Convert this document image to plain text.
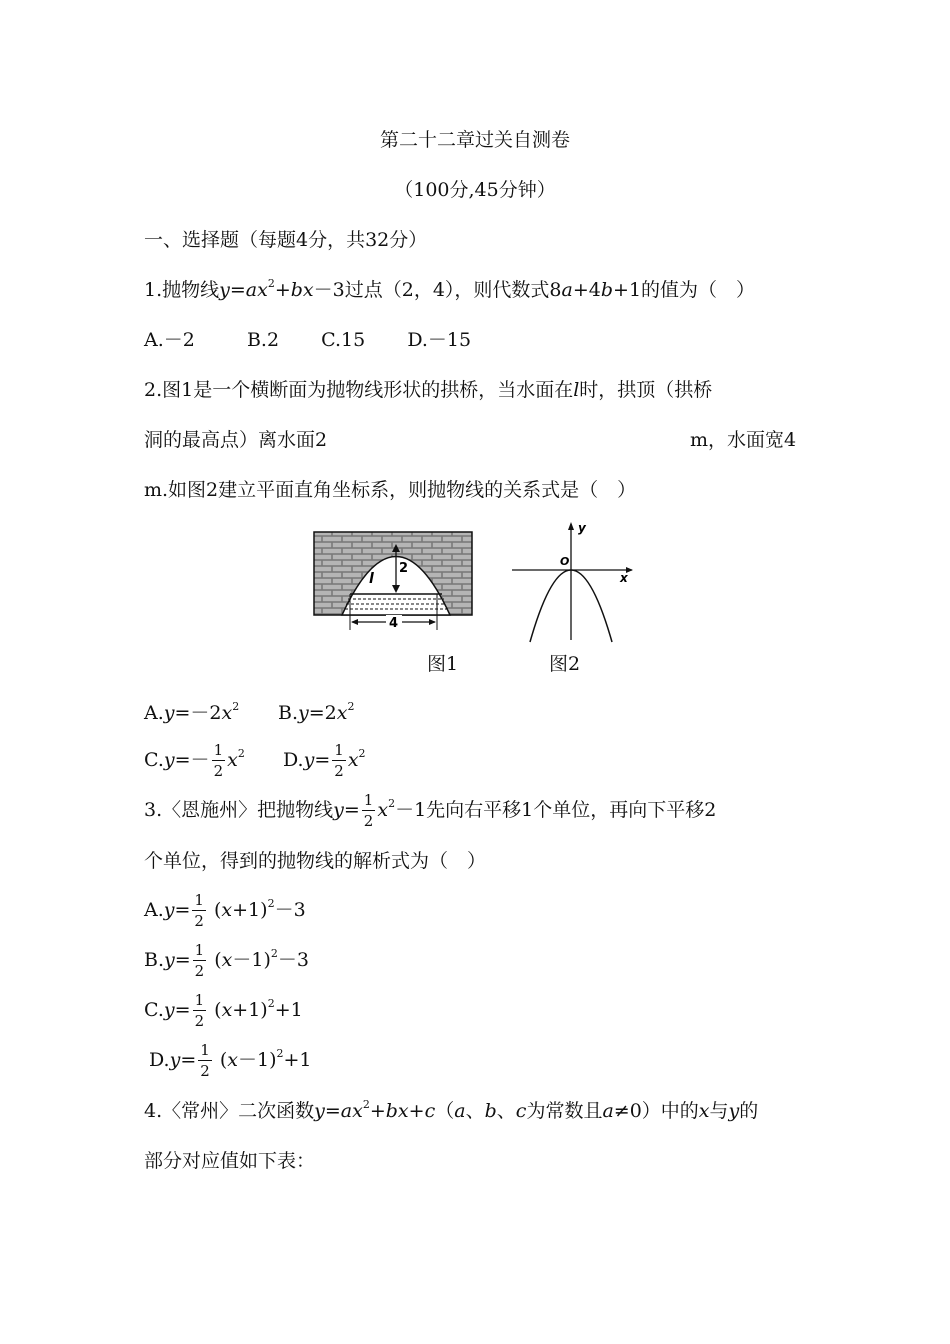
第二十二章过关自测卷
（100分,45分钟）
一、选择题（每题4分，共32分）
1.抛物线$y=ax^2+bx-3$过点（2，4），则代数式8a+4b+1的值为（　）
A.－2	B.2 C.15 D.－15
2.图1是一个横断面为抛物线形状的拱桥，当水面在l时，拱顶（拱桥
洞的最高点）离水面2	m，水面宽4
m.如图2建立平面直角坐标系，则抛物线的关系式是（　）
2
l
4
y
O
x
图1	图2
$A.y=-2x^2$ $B.y=2x^2$
$C.y=- \frac{1}{2} x^2$ $D.y= \frac{1}{2} x^2$
3.〈恩施州〉把抛物线$y= \frac{1}{2} x^2-1$先向右平移1个单位，再向下平移2
个单位，得到的抛物线的解析式为（　）
$A.y= \frac{1}{2} (x+1)^2-3$
$B.y= \frac{1}{2} (x-1)^2-3$
$C.y= \frac{1}{2} (x+1)^2+1$
$D.y= \frac{1}{2} (x-1)^2+1$
4.〈常州〉二次函数$y=ax^2+bx+c(a$、b、c为常数且a≠0）中的x与y的
部分对应值如下表：
